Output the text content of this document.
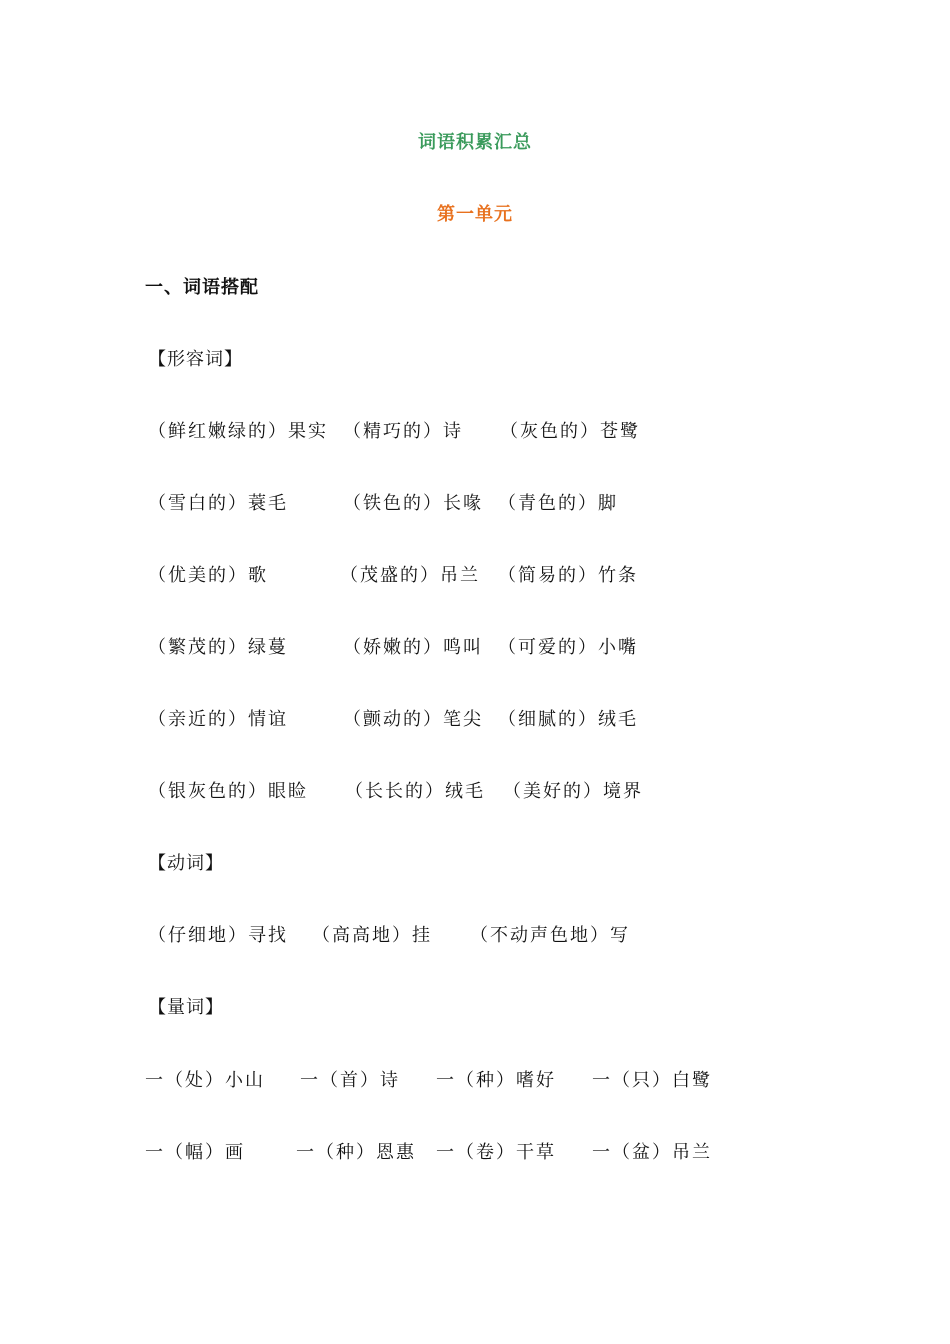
词语积累汇总
第一单元
一、词语搭配
【形容词】
（鲜红嫩绿的）果实 （精巧的）诗 （灰色的）苍鹭
（雪白的）蓑毛	（铁色的）长喙 （青色的）脚
（优美的）歌	（茂盛的）吊兰 （简易的）竹条
（繁茂的）绿蔓	（娇嫩的）鸣叫 （可爱的）小嘴
（亲近的）情谊	（颤动的）笔尖 （细腻的）绒毛
（银灰色的）眼睑 （长长的）绒毛 （美好的）境界
【动词】
（仔细地）寻找 （高高地）挂 （不动声色地）写
【量词】
一（处）小山 一（首）诗 一（种）嗜好 一（只）白鹭
一（幅）画	一（种）恩惠 一（卷）干草 一（盆）吊兰
